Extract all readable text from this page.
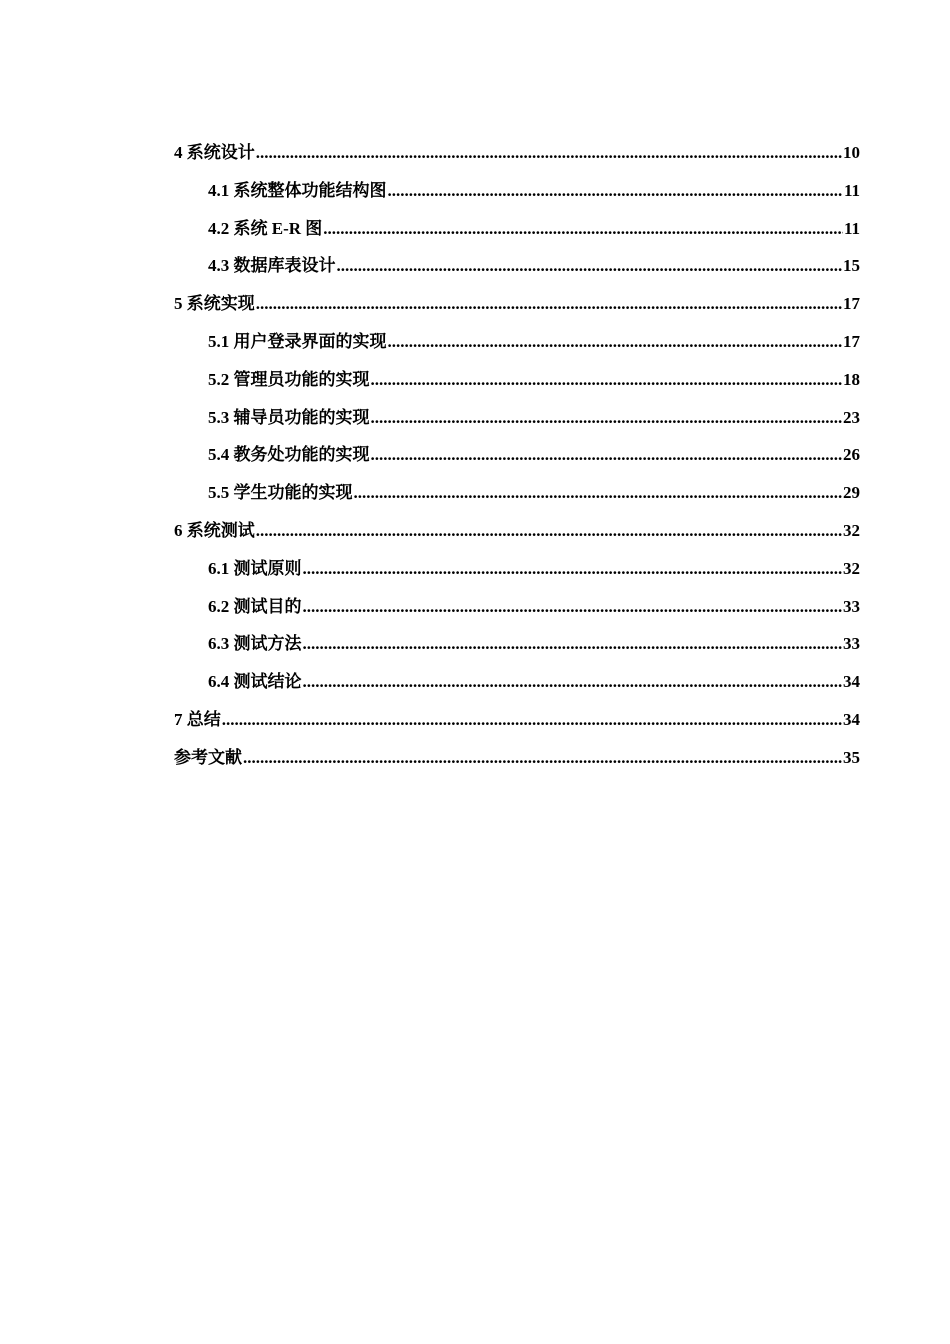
4 系统设计 .....	10
4.1 系统整体功能结构图 .....	11
4.2 系统 E-R 图 .....	11
4.3 数据库表设计 .....	15
5 系统实现 .....	17
5.1 用户登录界面的实现 .....	17
5.2 管理员功能的实现 .....	18
5.3 辅导员功能的实现 .....	23
5.4 教务处功能的实现 .....	26
5.5 学生功能的实现 .....	29
6 系统测试 .....	32
6.1 测试原则 .....	32
6.2 测试目的 .....	33
6.3 测试方法 .....	33
6.4 测试结论 .....	34
7 总结 .....	34
参考文献 .....	35
